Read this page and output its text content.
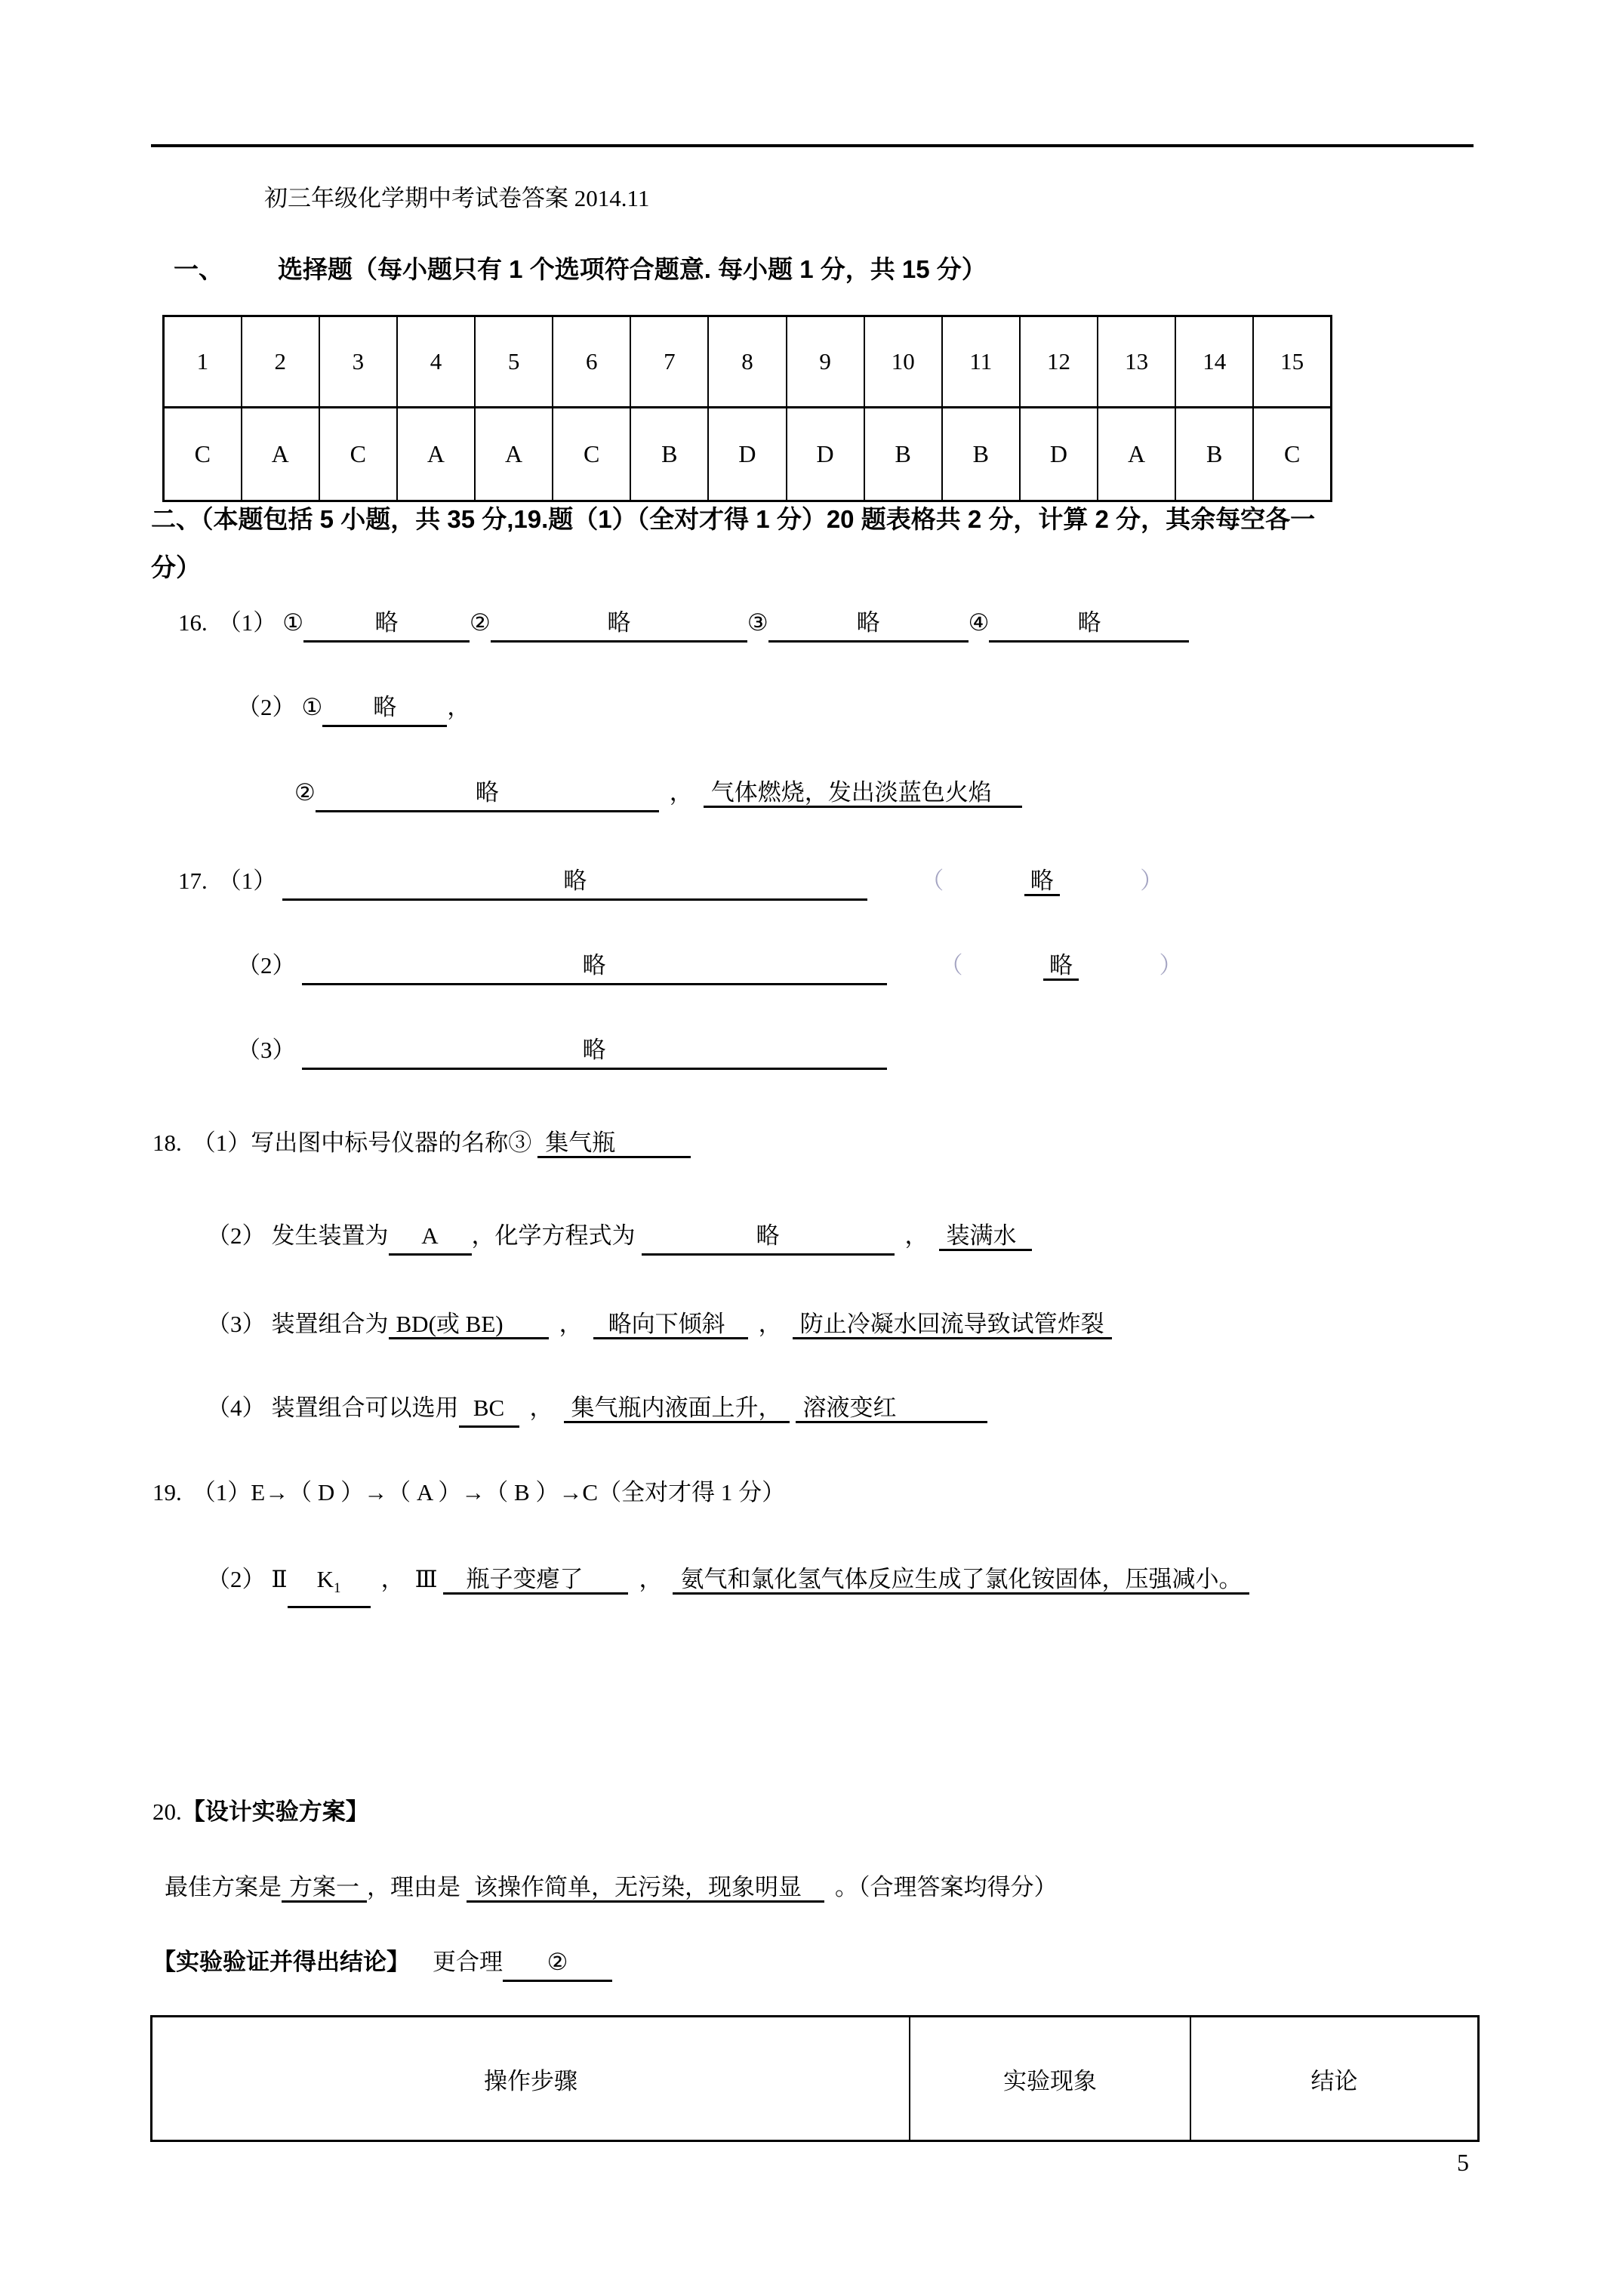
初三年级化学期中考试卷答案 2014.11
一、 选择题（每小题只有 1 个选项符合题意. 每小题 1 分，共 15 分）
1	2	3	4	5	6	7	8	9	10	11	12	13	14	15
C	A	C	A	A	C	B	D	D	B	B	D	A	B	C
二、（本题包括 5 小题，共 35 分,19.题（1）（全对才得 1 分）20 题表格共 2 分，计算 2 分，其余每空各一
分）
16. （1） ①	略	②	略	③	略	④	略
（2） ① 略 ，
②	略	， 气体燃烧，发出淡蓝色火焰
17. （1）	略	（	略	）
（2）	略	（	略	）
（3）	略
18. （1）写出图中标号仪器的名称③ 集气瓶
（2） 发生装置为 A ，化学方程式为	略	， 装满水
（3） 装置组合为 BD(或 BE) ， 略向下倾斜 ， 防止冷凝水回流导致试管炸裂
（4） 装置组合可以选用 BC ， 集气瓶内液面上升， 溶液变红
19. （1）E→（ D ）→（ A ）→（ B ）→C（全对才得 1 分）
（2） Ⅱ $K_1$ ， Ⅲ 瓶子变瘪了 ， 氨气和氯化氢气体反应生成了氯化铵固体，压强减小。
20.【设计实验方案】
最佳方案是 方案一 ，理由是 该操作简单，无污染，现象明显 。（合理答案均得分）
【实验验证并得出结论】 更合理 ②
操作步骤	实验现象	结论
5
